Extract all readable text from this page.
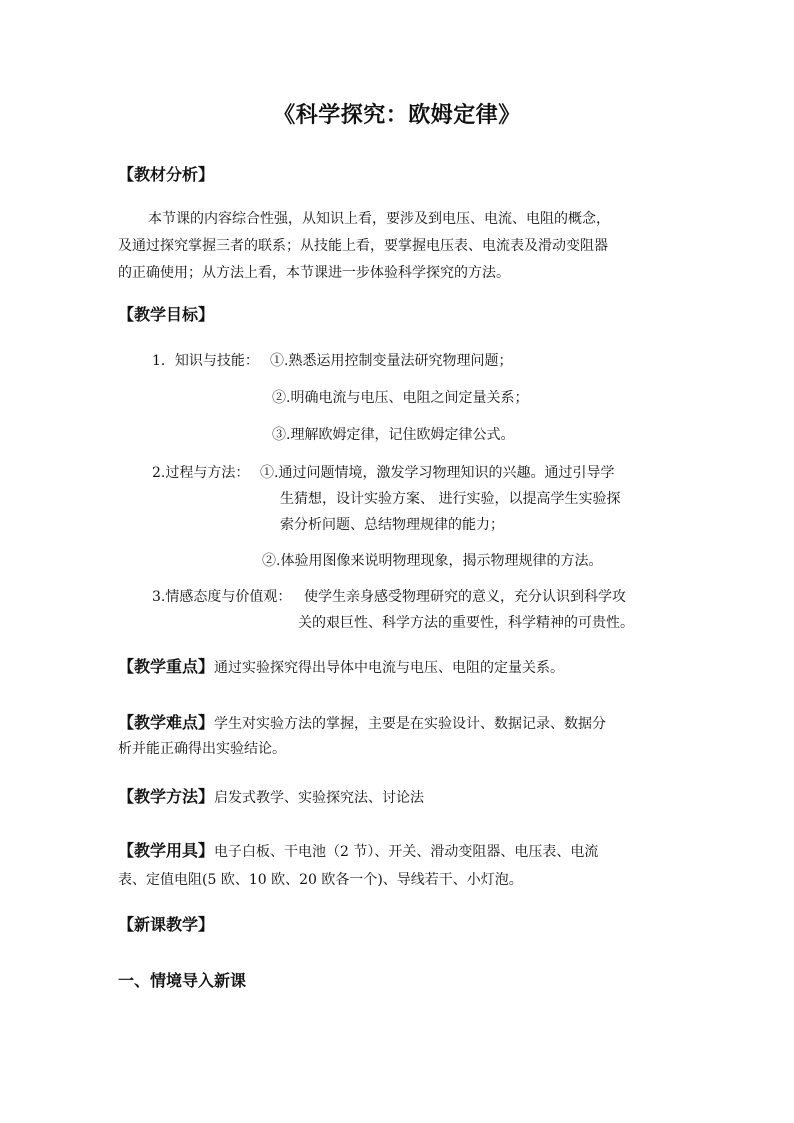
《科学探究：欧姆定律》
【教材分析】
本节课的内容综合性强，从知识上看，要涉及到电压、电流、电阻的概念，
及通过探究掌握三者的联系；从技能上看，要掌握电压表、电流表及滑动变阻器
的正确使用；从方法上看，本节课进一步体验科学探究的方法。
【教学目标】
1．知识与技能： ①.熟悉运用控制变量法研究物理问题；
②.明确电流与电压、电阻之间定量关系；
③.理解欧姆定律，记住欧姆定律公式。
2.过程与方法： ①.通过问题情境，激发学习物理知识的兴趣。通过引导学
生猜想，设计实验方案、 进行实验，以提高学生实验探
索分析问题、总结物理规律的能力；
②.体验用图像来说明物理现象，揭示物理规律的方法。
3.情感态度与价值观： 使学生亲身感受物理研究的意义，充分认识到科学攻
关的艰巨性、科学方法的重要性，科学精神的可贵性。
【教学重点】通过实验探究得出导体中电流与电压、电阻的定量关系。
【教学难点】学生对实验方法的掌握，主要是在实验设计、数据记录、数据分
析并能正确得出实验结论。
【教学方法】启发式教学、实验探究法、讨论法
【教学用具】电子白板、干电池（2 节）、开关、滑动变阻器、电压表、电流
表、定值电阻(5 欧、10 欧、20 欧各一个)、导线若干、小灯泡。
【新课教学】
一、情境导入新课
